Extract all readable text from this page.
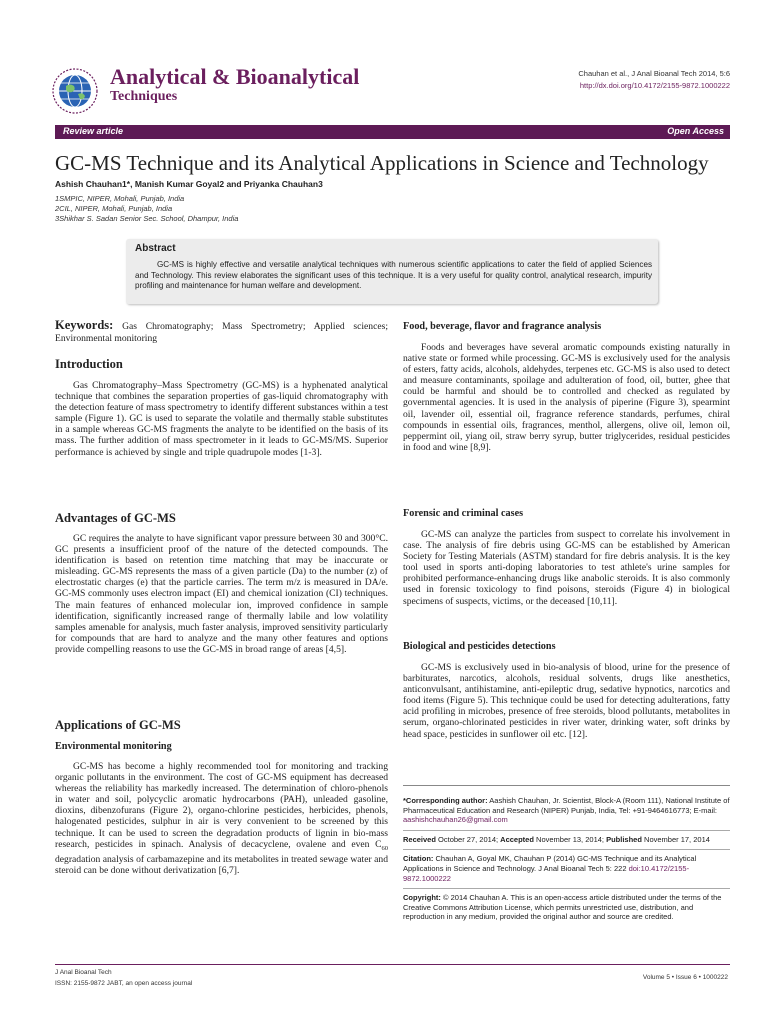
Analytical & Bioanalytical
Techniques
Chauhan et al., J Anal Bioanal Tech 2014, 5:6
http://dx.doi.org/10.4172/2155-9872.1000222
Review article	Open Access
GC-MS Technique and its Analytical Applications in Science and Technology
Ashish Chauhan1*, Manish Kumar Goyal2 and Priyanka Chauhan3
1SMPIC, NIPER, Mohali, Punjab, India
2CIL, NIPER, Mohali, Punjab, India
3Shikhar S. Sadan Senior Sec. School, Dhampur, India
Abstract
GC-MS is highly effective and versatile analytical techniques with numerous scientific applications to cater the field of applied Sciences and Technology. This review elaborates the significant uses of this technique. It is a very useful for quality control, analytical research, impurity profiling and maintenance for human welfare and development.
Keywords: Gas Chromatography; Mass Spectrometry; Applied sciences; Environmental monitoring
Introduction

Gas Chromatography–Mass Spectrometry (GC-MS) is a hyphenated analytical technique that combines the separation properties of gas-liquid chromatography with the detection feature of mass spectrometry to identify different substances within a test sample (Figure 1). GC is used to separate the volatile and thermally stable substitutes in a sample whereas GC-MS fragments the analyte to be identified on the basis of its mass. The further addition of mass spectrometer in it leads to GC-MS/MS. Superior performance is achieved by single and triple quadrupole modes [1-3].

Advantages of GC-MS

GC requires the analyte to have significant vapor pressure between 30 and 300°C. GC presents a insufficient proof of the nature of the detected compounds. The identification is based on retention time matching that may be inaccurate or misleading. GC-MS represents the mass of a given particle (Da) to the number (z) of electrostatic charges (e) that the particle carries. The term m/z is measured in DA/e. GC-MS commonly uses electron impact (EI) and chemical ionization (CI) techniques. The main features of enhanced molecular ion, improved confidence in sample identification, significantly increased range of thermally labile and low volatility samples amenable for analysis, much faster analysis, improved sensitivity particularly for compounds that are hard to analyze and the many other features and options provide compelling reasons to use the GC-MS in broad range of areas [4,5].

Applications of GC-MS
Environmental monitoring

GC-MS has become a highly recommended tool for monitoring and tracking organic pollutants in the environment. The cost of GC-MS equipment has decreased whereas the reliability has markedly increased. The determination of chloro-phenols in water and soil, polycyclic aromatic hydrocarbons (PAH), unleaded gasoline, dioxins, dibenzofurans (Figure 2), organo-chlorine pesticides, herbicides, phenols, halogenated pesticides, sulphur in air is very convenient to be screened by this technique. It can be used to screen the degradation products of lignin in bio-mass research, pesticides in spinach. Analysis of decacyclene, ovalene and even $C_{60}$ degradation analysis of carbamazepine and its metabolites in treated sewage water and steroid can be done without derivatization [6,7].

Food, beverage, flavor and fragrance analysis

Foods and beverages have several aromatic compounds existing naturally in native state or formed while processing. GC-MS is exclusively used for the analysis of esters, fatty acids, alcohols, aldehydes, terpenes etc. GC-MS is also used to detect and measure contaminants, spoilage and adulteration of food, oil, butter, ghee that could be harmful and should be to controlled and checked as regulated by governmental agencies. It is used in the analysis of piperine (Figure 3), spearmint oil, lavender oil, essential oil, fragrance reference standards, perfumes, chiral compounds in essential oils, fragrances, menthol, allergens, olive oil, lemon oil, peppermint oil, yiang oil, straw berry syrup, butter triglycerides, residual pesticides in food and wine [8,9].

Forensic and criminal cases

GC-MS can analyze the particles from suspect to correlate his involvement in case. The analysis of fire debris using GC-MS can be established by American Society for Testing Materials (ASTM) standard for fire debris analysis. It is the key tool used in sports anti-doping laboratories to test athlete's urine samples for prohibited performance-enhancing drugs like anabolic steroids. It is also commonly used in forensic toxicology to find poisons, steroids (Figure 4) in biological specimens of suspects, victims, or the deceased [10,11].

Biological and pesticides detections

GC-MS is exclusively used in bio-analysis of blood, urine for the presence of barbiturates, narcotics, alcohols, residual solvents, drugs like anesthetics, anticonvulsant, antihistamine, anti-epileptic drug, sedative hypnotics, narcotics and food items (Figure 5). This technique could be used for detecting adulterations, fatty acid profiling in microbes, presence of free steroids, blood pollutants, metabolites in serum, organo-chlorinated pesticides in river water, drinking water, soft drinks by head space, pesticides in sunflower oil etc. [12].

*Corresponding author: Aashish Chauhan, Jr. Scientist, Block-A (Room 111), National Institute of Pharmaceutical Education and Research (NIPER) Punjab, India, Tel: +91-9464616773; E-mail: aashishchauhan26@gmail.com

Received October 27, 2014; Accepted November 13, 2014; Published November 17, 2014

Citation: Chauhan A, Goyal MK, Chauhan P (2014) GC-MS Technique and its Analytical Applications in Science and Technology. J Anal Bioanal Tech 5: 222 doi:10.4172/2155-9872.1000222

Copyright: © 2014 Chauhan A. This is an open-access article distributed under the terms of the Creative Commons Attribution License, which permits unrestricted use, distribution, and reproduction in any medium, provided the original author and source are credited.

J Anal Bioanal Tech
ISSN: 2155-9872 JABT, an open access journal
Volume 5 • Issue 6 • 1000222
